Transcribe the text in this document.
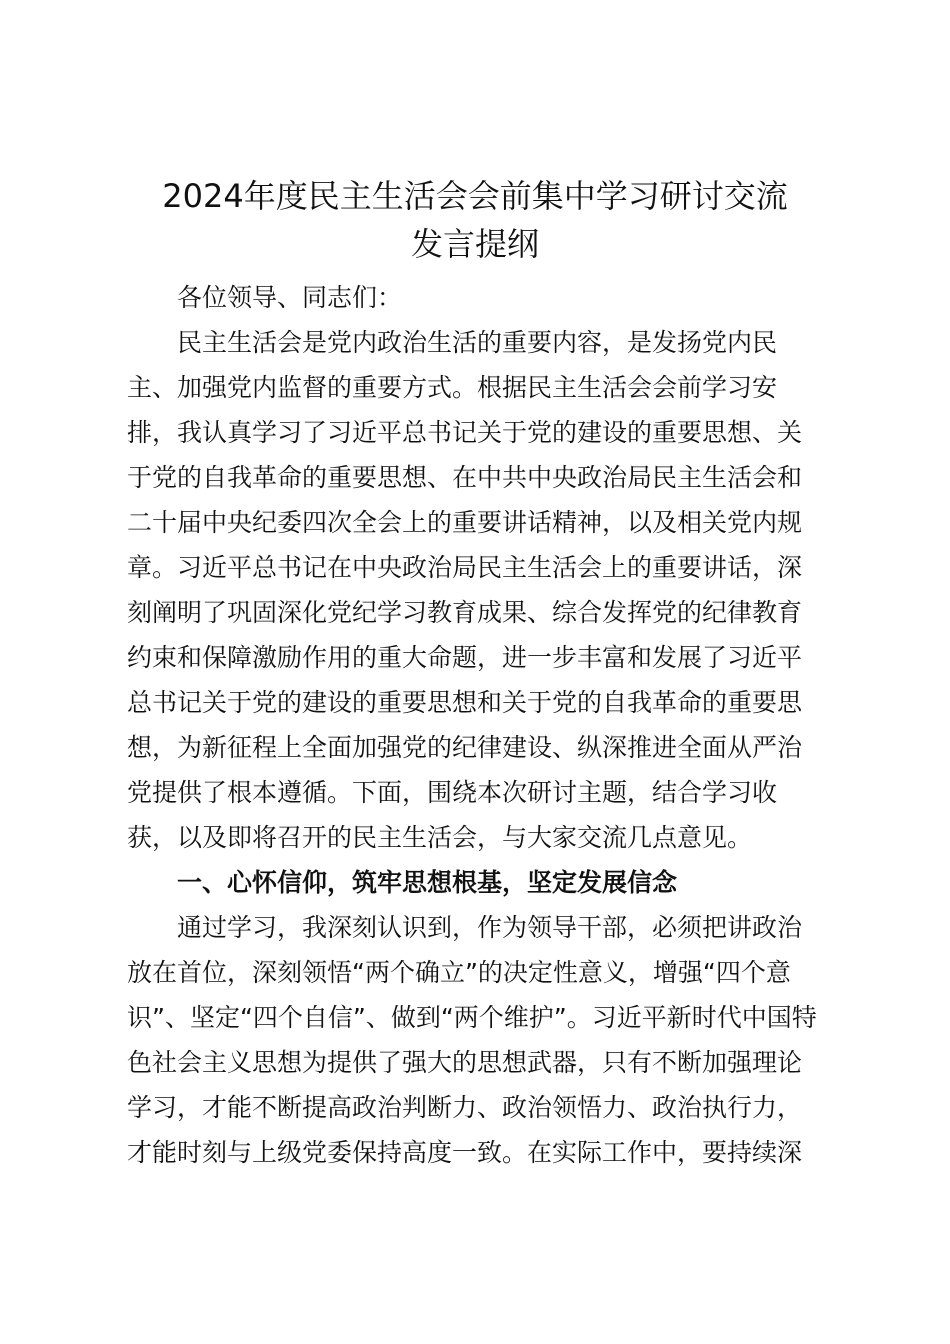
2024年度民主生活会会前集中学习研讨交流
发言提纲

各位领导、同志们：

民主生活会是党内政治生活的重要内容，是发扬党内民

主、加强党内监督的重要方式。根据民主生活会会前学习安

排，我认真学习了习近平总书记关于党的建设的重要思想、关

于党的自我革命的重要思想、在中共中央政治局民主生活会和

二十届中央纪委四次全会上的重要讲话精神，以及相关党内规

章。习近平总书记在中央政治局民主生活会上的重要讲话，深

刻阐明了巩固深化党纪学习教育成果、综合发挥党的纪律教育

约束和保障激励作用的重大命题，进一步丰富和发展了习近平

总书记关于党的建设的重要思想和关于党的自我革命的重要思

想，为新征程上全面加强党的纪律建设、纵深推进全面从严治

党提供了根本遵循。下面，围绕本次研讨主题，结合学习收

获，以及即将召开的民主生活会，与大家交流几点意见。

一、心怀信仰，筑牢思想根基，坚定发展信念

通过学习，我深刻认识到，作为领导干部，必须把讲政治

放在首位，深刻领悟“两个确立”的决定性意义，增强“四个意

识”、坚定“四个自信”、做到“两个维护”。习近平新时代中国特

色社会主义思想为提供了强大的思想武器，只有不断加强理论

学习，才能不断提高政治判断力、政治领悟力、政治执行力，

才能时刻与上级党委保持高度一致。在实际工作中，要持续深
